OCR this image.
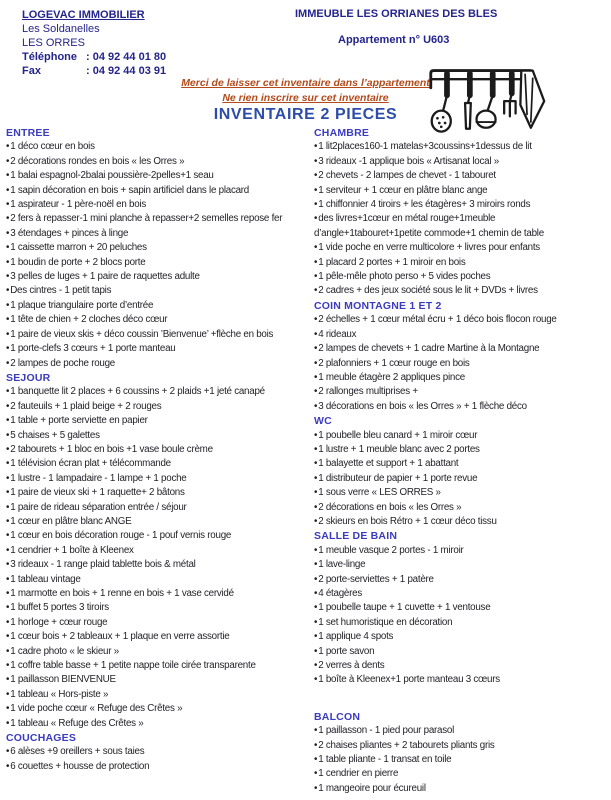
LOGEVAC IMMOBILIER
Les Soldanelles
LES ORRES
Téléphone : 04 92 44 01 80
Fax	: 04 92 44 03 91
IMMEUBLE LES ORRIANES DES BLES
Appartement n° U603
Merci de laisser cet inventaire dans l’appartement
Ne rien inscrire sur cet inventaire
INVENTAIRE 2 PIECES
ENTREE
• 1 déco cœur en bois
• 2 décorations rondes en bois « les Orres »
• 1 balai espagnol-2balai poussière-2pelles+1 seau
• 1 sapin décoration en bois + sapin artificiel dans le placard
• 1 aspirateur - 1 père-noël en bois
• 2 fers à repasser-1 mini planche à repasser+2 semelles repose fer
• 3 étendages + pinces à linge
• 1 caissette marron + 20 peluches
• 1 boudin de porte + 2 blocs porte
• 3 pelles de luges + 1 paire de raquettes adulte
• Des cintres - 1 petit tapis
• 1 plaque triangulaire porte d’entrée
• 1 tête de chien + 2 cloches déco cœur
• 1 paire de vieux skis + déco coussin ’Bienvenue’ +flèche en bois
• 1 porte-clefs 3 cœurs + 1 porte manteau
• 2 lampes de poche rouge
SEJOUR
• 1 banquette lit 2 places + 6 coussins + 2 plaids +1 jeté canapé
• 2 fauteuils + 1 plaid beige + 2 rouges
• 1 table + porte serviette en papier
• 5 chaises + 5 galettes
• 2 tabourets + 1 bloc en bois +1 vase boule crème
• 1 télévision écran plat + télécommande
• 1 lustre - 1 lampadaire - 1 lampe + 1 poche
• 1 paire de vieux ski + 1 raquette+ 2 bâtons
• 1 paire de rideau séparation entrée / séjour
• 1 cœur en plâtre blanc ANGE
• 1 cœur en bois décoration rouge - 1 pouf vernis rouge
• 1 cendrier + 1 boîte à Kleenex
• 3 rideaux - 1 range plaid tablette bois & métal
• 1 tableau vintage
• 1 marmotte en bois + 1 renne en bois + 1 vase cervidé
• 1 buffet 5 portes 3 tiroirs
• 1 horloge + cœur rouge
• 1 cœur bois + 2 tableaux + 1 plaque en verre assortie
• 1 cadre photo « le skieur »
• 1 coffre table basse + 1 petite nappe toile cirée transparente
• 1 paillasson BIENVENUE
• 1 tableau « Hors-piste »
• 1 vide poche cœur « Refuge des Crêtes »
• 1 tableau « Refuge des Crêtes »
COUCHAGES
• 6 alèses +9 oreillers + sous taies
• 6 couettes + housse de protection
CHAMBRE
• 1 lit2places160-1 matelas+3coussins+1dessus de lit
• 3 rideaux -1 applique bois « Artisanat local »
• 2 chevets - 2 lampes de chevet - 1 tabouret
• 1 serviteur + 1 cœur en plâtre blanc ange
• 1 chiffonnier 4 tiroirs + les étagères+ 3 miroirs ronds
• des livres+1cœur en métal rouge+1meuble d’angle+1tabouret+1petite commode+1 chemin de table
• 1 vide poche en verre multicolore + livres pour enfants
• 1 placard 2 portes + 1 miroir en bois
• 1 pêle-mêle photo perso + 5 vides poches
• 2 cadres + des jeux société sous le lit + DVDs + livres
COIN MONTAGNE 1 ET 2
• 2 échelles + 1 cœur métal écru + 1 déco bois flocon rouge
• 4 rideaux
• 2 lampes de chevets + 1 cadre Martine à la Montagne
• 2 plafonniers + 1 cœur rouge en bois
• 1 meuble étagère 2 appliques pince
• 2 rallonges multiprises +
• 3 décorations en bois « les Orres » + 1 flèche déco
WC
• 1 poubelle bleu canard + 1 miroir cœur
• 1 lustre + 1 meuble blanc avec 2 portes
• 1 balayette et support + 1 abattant
• 1 distributeur de papier + 1 porte revue
• 1 sous verre « LES ORRES »
• 2 décorations en bois « les Orres »
• 2 skieurs en bois Rétro + 1 cœur déco tissu
SALLE DE BAIN
• 1 meuble vasque 2 portes - 1 miroir
• 1 lave-linge
• 2 porte-serviettes + 1 patère
• 4 étagères
• 1 poubelle taupe + 1 cuvette + 1 ventouse
• 1 set humoristique en décoration
• 1 applique 4 spots
• 1 porte savon
• 2 verres à dents
• 1 boîte à Kleenex+1 porte manteau 3 cœurs
BALCON
• 1 paillasson - 1 pied pour parasol
• 2 chaises pliantes + 2 tabourets pliants gris
• 1 table pliante - 1 transat en toile
• 1 cendrier en pierre
• 1 mangeoire pour écureuil
